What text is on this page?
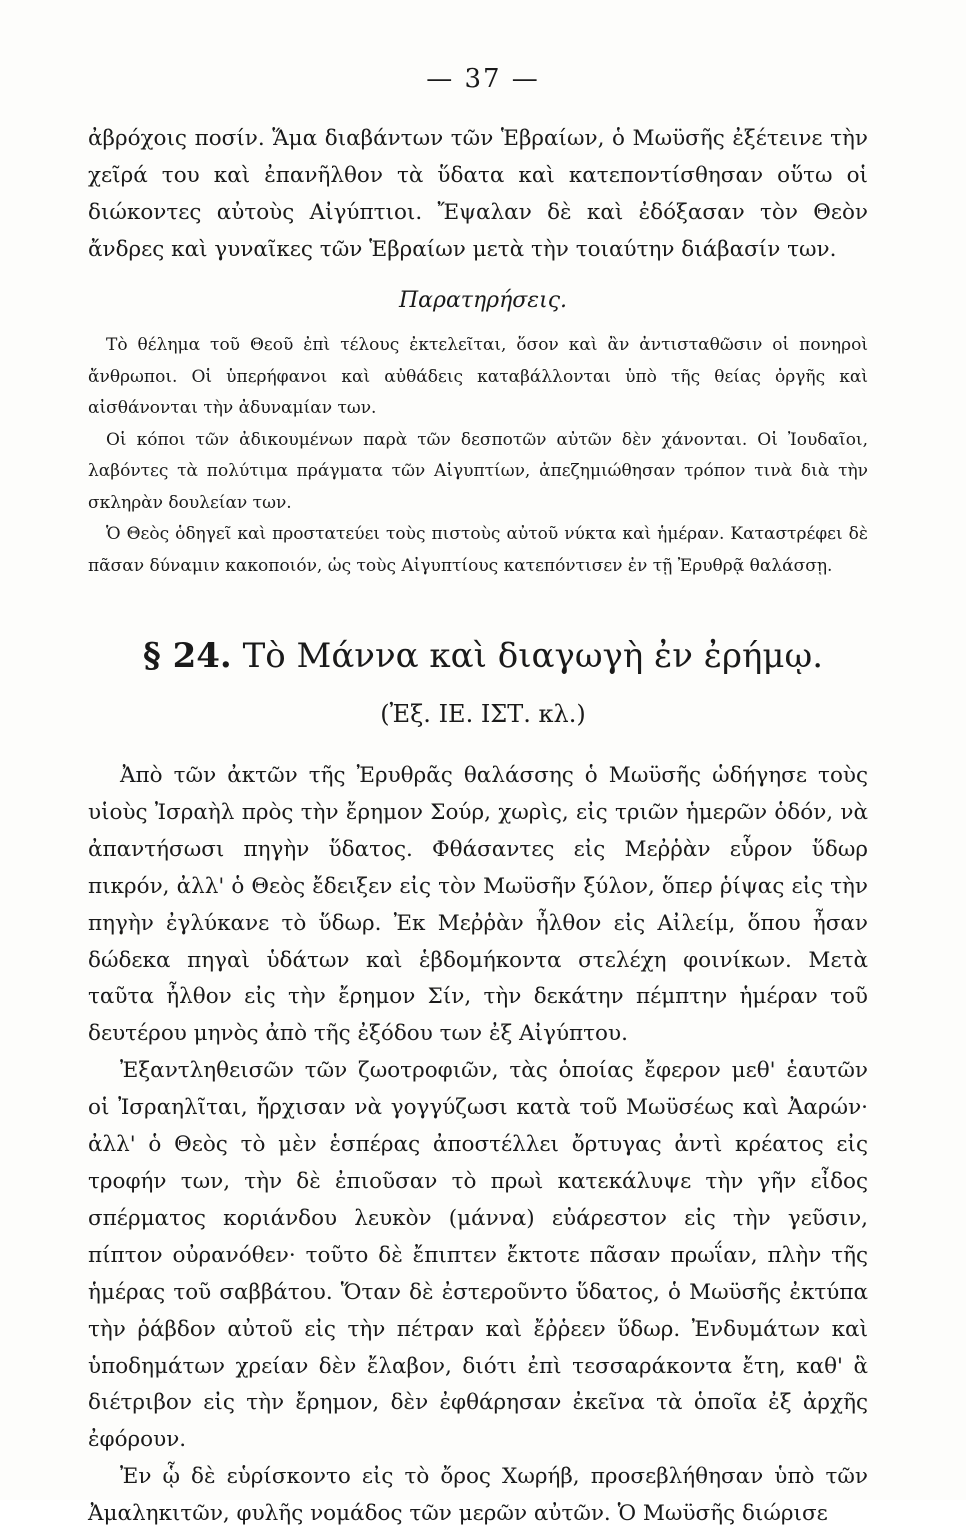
— 37 —

ἀβρόχοις ποσίν. Ἅμα διαβάντων τῶν Ἑβραίων, ὁ Μωϋσῆς ἐξέτεινε τὴν χεῖρά του καὶ ἐπανῆλθον τὰ ὕδατα καὶ κατεποντίσθησαν οὕτω οἱ διώκοντες αὐτοὺς Αἰγύπτιοι. Ἔψαλαν δὲ καὶ ἐδόξασαν τὸν Θεὸν ἄνδρες καὶ γυναῖκες τῶν Ἑβραίων μετὰ τὴν τοιαύτην διάβασίν των.

Παρατηρήσεις.

Τὸ θέλημα τοῦ Θεοῦ ἐπὶ τέλους ἐκτελεῖται, ὅσον καὶ ἂν ἀντισταθῶσιν οἱ πονηροὶ ἄνθρωποι. Οἱ ὑπερήφανοι καὶ αὐθάδεις καταβάλλονται ὑπὸ τῆς θείας ὀργῆς καὶ αἰσθάνονται τὴν ἀδυναμίαν των.

Οἱ κόποι τῶν ἀδικουμένων παρὰ τῶν δεσποτῶν αὐτῶν δὲν χάνονται. Οἱ Ἰουδαῖοι, λαβόντες τὰ πολύτιμα πράγματα τῶν Αἰγυπτίων, ἀπεζημιώθησαν τρόπον τινὰ διὰ τὴν σκληρὰν δουλείαν των.

Ὁ Θεὸς ὁδηγεῖ καὶ προστατεύει τοὺς πιστοὺς αὐτοῦ νύκτα καὶ ἡμέραν. Καταστρέφει δὲ πᾶσαν δύναμιν κακοποιόν, ὡς τοὺς Αἰγυπτίους κατεπόντισεν ἐν τῇ Ἐρυθρᾷ θαλάσσῃ.

§ 24. Τὸ Μάννα καὶ διαγωγὴ ἐν ἐρήμῳ.
(Ἐξ. ΙΕ. ΙΣΤ. κλ.)

Ἀπὸ τῶν ἀκτῶν τῆς Ἐρυθρᾶς θαλάσσης ὁ Μωϋσῆς ὡδήγησε τοὺς υἱοὺς Ἰσραὴλ πρὸς τὴν ἔρημον Σούρ, χωρὶς, εἰς τριῶν ἡμερῶν ὁδόν, νὰ ἀπαντήσωσι πηγὴν ὕδατος. Φθάσαντες εἰς Μεῤῥὰν εὗρον ὕδωρ πικρόν, ἀλλ' ὁ Θεὸς ἔδειξεν εἰς τὸν Μωϋσῆν ξύλον, ὅπερ ῥίψας εἰς τὴν πηγὴν ἐγλύκανε τὸ ὕδωρ. Ἐκ Μεῤῥὰν ἦλθον εἰς Αἰλείμ, ὅπου ἦσαν δώδεκα πηγαὶ ὑδάτων καὶ ἑβδομήκοντα στελέχη φοινίκων. Μετὰ ταῦτα ἦλθον εἰς τὴν ἔρημον Σίν, τὴν δεκάτην πέμπτην ἡμέραν τοῦ δευτέρου μηνὸς ἀπὸ τῆς ἐξόδου των ἐξ Αἰγύπτου.

Ἐξαντληθεισῶν τῶν ζωοτροφιῶν, τὰς ὁποίας ἔφερον μεθ' ἑαυτῶν οἱ Ἰσραηλῖται, ἤρχισαν νὰ γογγύζωσι κατὰ τοῦ Μωϋσέως καὶ Ἀαρών· ἀλλ' ὁ Θεὸς τὸ μὲν ἑσπέρας ἀποστέλλει ὄρτυγας ἀντὶ κρέατος εἰς τροφήν των, τὴν δὲ ἐπιοῦσαν τὸ πρωὶ κατεκάλυψε τὴν γῆν εἶδος σπέρματος κοριάνδου λευκὸν (μάννα) εὐάρεστον εἰς τὴν γεῦσιν, πίπτον οὐρανόθεν· τοῦτο δὲ ἔπιπτεν ἔκτοτε πᾶσαν πρωΐαν, πλὴν τῆς ἡμέρας τοῦ σαββάτου. Ὅταν δὲ ἐστεροῦντο ὕδατος, ὁ Μωϋσῆς ἐκτύπα τὴν ῥάβδον αὐτοῦ εἰς τὴν πέτραν καὶ ἔῤῥεεν ὕδωρ. Ἐνδυμάτων καὶ ὑποδημάτων χρείαν δὲν ἔλαβον, διότι ἐπὶ τεσσαράκοντα ἔτη, καθ' ἃ διέτριβον εἰς τὴν ἔρημον, δὲν ἐφθάρησαν ἐκεῖνα τὰ ὁποῖα ἐξ ἀρχῆς ἐφόρουν.

Ἐν ᾧ δὲ εὑρίσκοντο εἰς τὸ ὄρος Χωρήβ, προσεβλήθησαν ὑπὸ τῶν Ἀμαληκιτῶν, φυλῆς νομάδος τῶν μερῶν αὐτῶν. Ὁ Μωϋσῆς διώρισε
